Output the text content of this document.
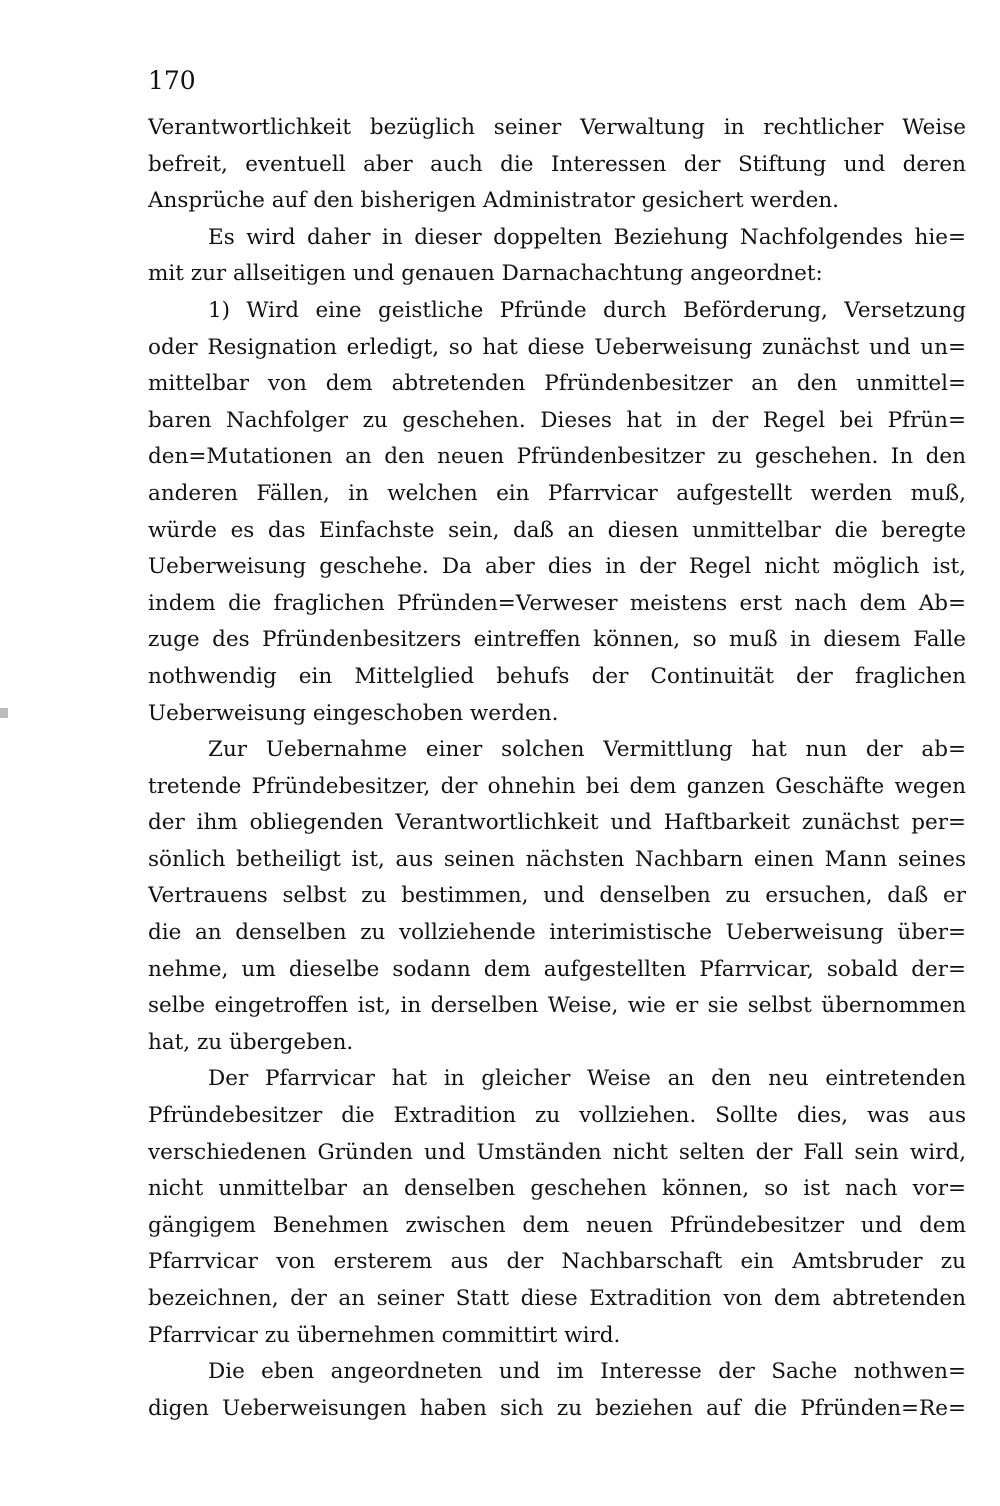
170
Verantwortlichkeit bezüglich seiner Verwaltung in rechtlicher Weise
befreit, eventuell aber auch die Interessen der Stiftung und deren
Ansprüche auf den bisherigen Administrator gesichert werden.
Es wird daher in dieser doppelten Beziehung Nachfolgendes hie=
mit zur allseitigen und genauen Darnachachtung angeordnet:
1) Wird eine geistliche Pfründe durch Beförderung, Versetzung
oder Resignation erledigt, so hat diese Ueberweisung zunächst und un=
mittelbar von dem abtretenden Pfründenbesitzer an den unmittel=
baren Nachfolger zu geschehen. Dieses hat in der Regel bei Pfrün=
den=Mutationen an den neuen Pfründenbesitzer zu geschehen. In den
anderen Fällen, in welchen ein Pfarrvicar aufgestellt werden muß,
würde es das Einfachste sein, daß an diesen unmittelbar die beregte
Ueberweisung geschehe. Da aber dies in der Regel nicht möglich ist,
indem die fraglichen Pfründen=Verweser meistens erst nach dem Ab=
zuge des Pfründenbesitzers eintreffen können, so muß in diesem Falle
nothwendig ein Mittelglied behufs der Continuität der fraglichen
Ueberweisung eingeschoben werden.
Zur Uebernahme einer solchen Vermittlung hat nun der ab=
tretende Pfründebesitzer, der ohnehin bei dem ganzen Geschäfte wegen
der ihm obliegenden Verantwortlichkeit und Haftbarkeit zunächst per=
sönlich betheiligt ist, aus seinen nächsten Nachbarn einen Mann seines
Vertrauens selbst zu bestimmen, und denselben zu ersuchen, daß er
die an denselben zu vollziehende interimistische Ueberweisung über=
nehme, um dieselbe sodann dem aufgestellten Pfarrvicar, sobald der=
selbe eingetroffen ist, in derselben Weise, wie er sie selbst übernommen
hat, zu übergeben.
Der Pfarrvicar hat in gleicher Weise an den neu eintretenden
Pfründebesitzer die Extradition zu vollziehen. Sollte dies, was aus
verschiedenen Gründen und Umständen nicht selten der Fall sein wird,
nicht unmittelbar an denselben geschehen können, so ist nach vor=
gängigem Benehmen zwischen dem neuen Pfründebesitzer und dem
Pfarrvicar von ersterem aus der Nachbarschaft ein Amtsbruder zu
bezeichnen, der an seiner Statt diese Extradition von dem abtretenden
Pfarrvicar zu übernehmen committirt wird.
Die eben angeordneten und im Interesse der Sache nothwen=
digen Ueberweisungen haben sich zu beziehen auf die Pfründen=Re=
